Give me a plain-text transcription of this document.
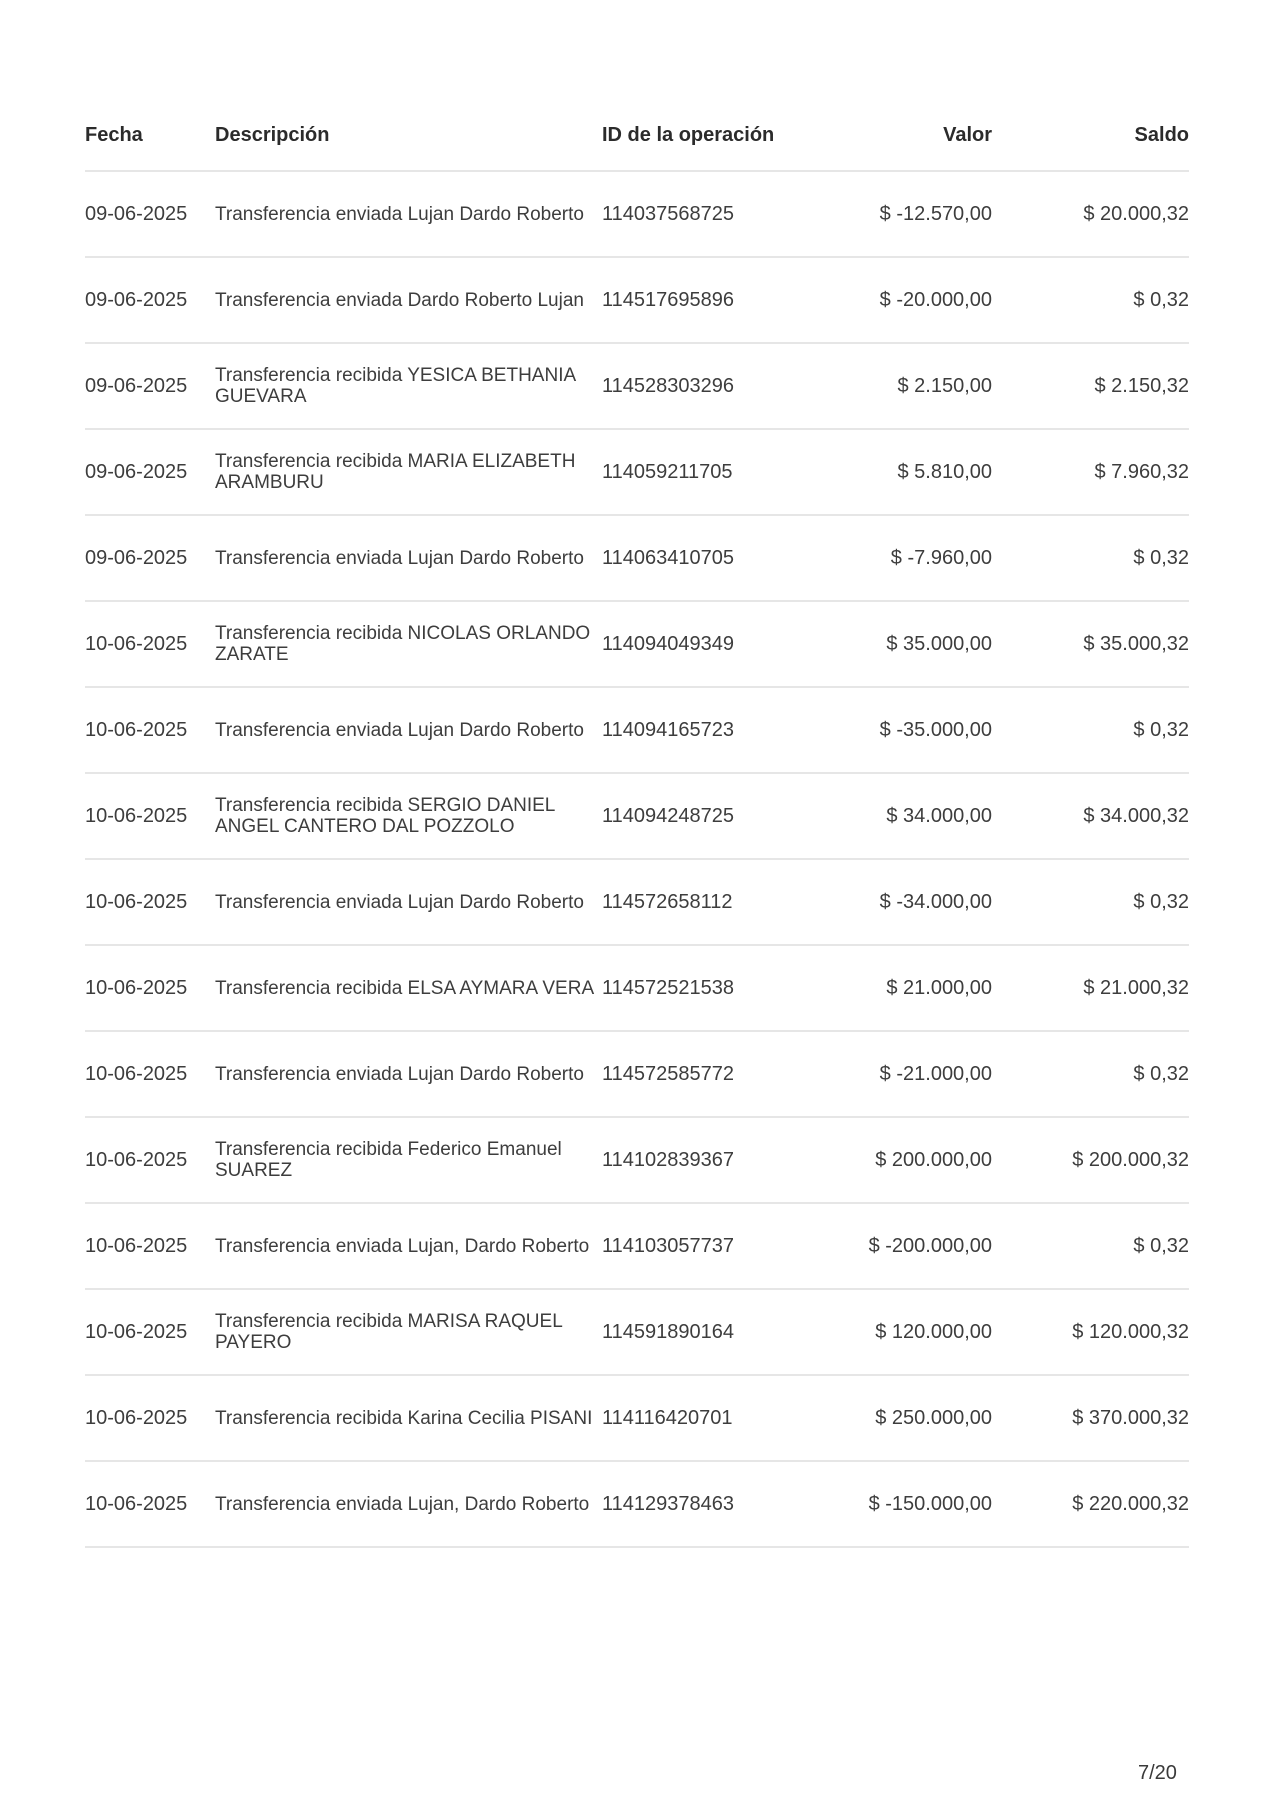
Fecha	Descripción	ID de la operación	Valor	Saldo
09-06-2025	Transferencia enviada Lujan Dardo Roberto 114037568725	$ -12.570,00	$ 20.000,32
09-06-2025	Transferencia enviada Dardo Roberto Lujan 114517695896	$ -20.000,00	$ 0,32
09-06-2025	Transferencia recibida YESICA BETHANIA GUEVARA	114528303296	$ 2.150,00	$ 2.150,32
09-06-2025	Transferencia recibida MARIA ELIZABETH ARAMBURU	114059211705	$ 5.810,00	$ 7.960,32
09-06-2025	Transferencia enviada Lujan Dardo Roberto 114063410705	$ -7.960,00	$ 0,32
10-06-2025	Transferencia recibida NICOLAS ORLANDO ZARATE	114094049349	$ 35.000,00	$ 35.000,32
10-06-2025	Transferencia enviada Lujan Dardo Roberto 114094165723	$ -35.000,00	$ 0,32
10-06-2025	Transferencia recibida SERGIO DANIEL ANGEL CANTERO DAL POZZOLO	114094248725	$ 34.000,00	$ 34.000,32
10-06-2025	Transferencia enviada Lujan Dardo Roberto 114572658112	$ -34.000,00	$ 0,32
10-06-2025	Transferencia recibida ELSA AYMARA VERA 114572521538	$ 21.000,00	$ 21.000,32
10-06-2025	Transferencia enviada Lujan Dardo Roberto 114572585772	$ -21.000,00	$ 0,32
10-06-2025	Transferencia recibida Federico Emanuel SUAREZ	114102839367	$ 200.000,00	$ 200.000,32
10-06-2025	Transferencia enviada Lujan, Dardo Roberto 114103057737	$ -200.000,00	$ 0,32
10-06-2025	Transferencia recibida MARISA RAQUEL PAYERO	114591890164	$ 120.000,00	$ 120.000,32
10-06-2025	Transferencia recibida Karina Cecilia PISANI 114116420701	$ 250.000,00	$ 370.000,32
10-06-2025	Transferencia enviada Lujan, Dardo Roberto 114129378463	$ -150.000,00	$ 220.000,32
7/20
